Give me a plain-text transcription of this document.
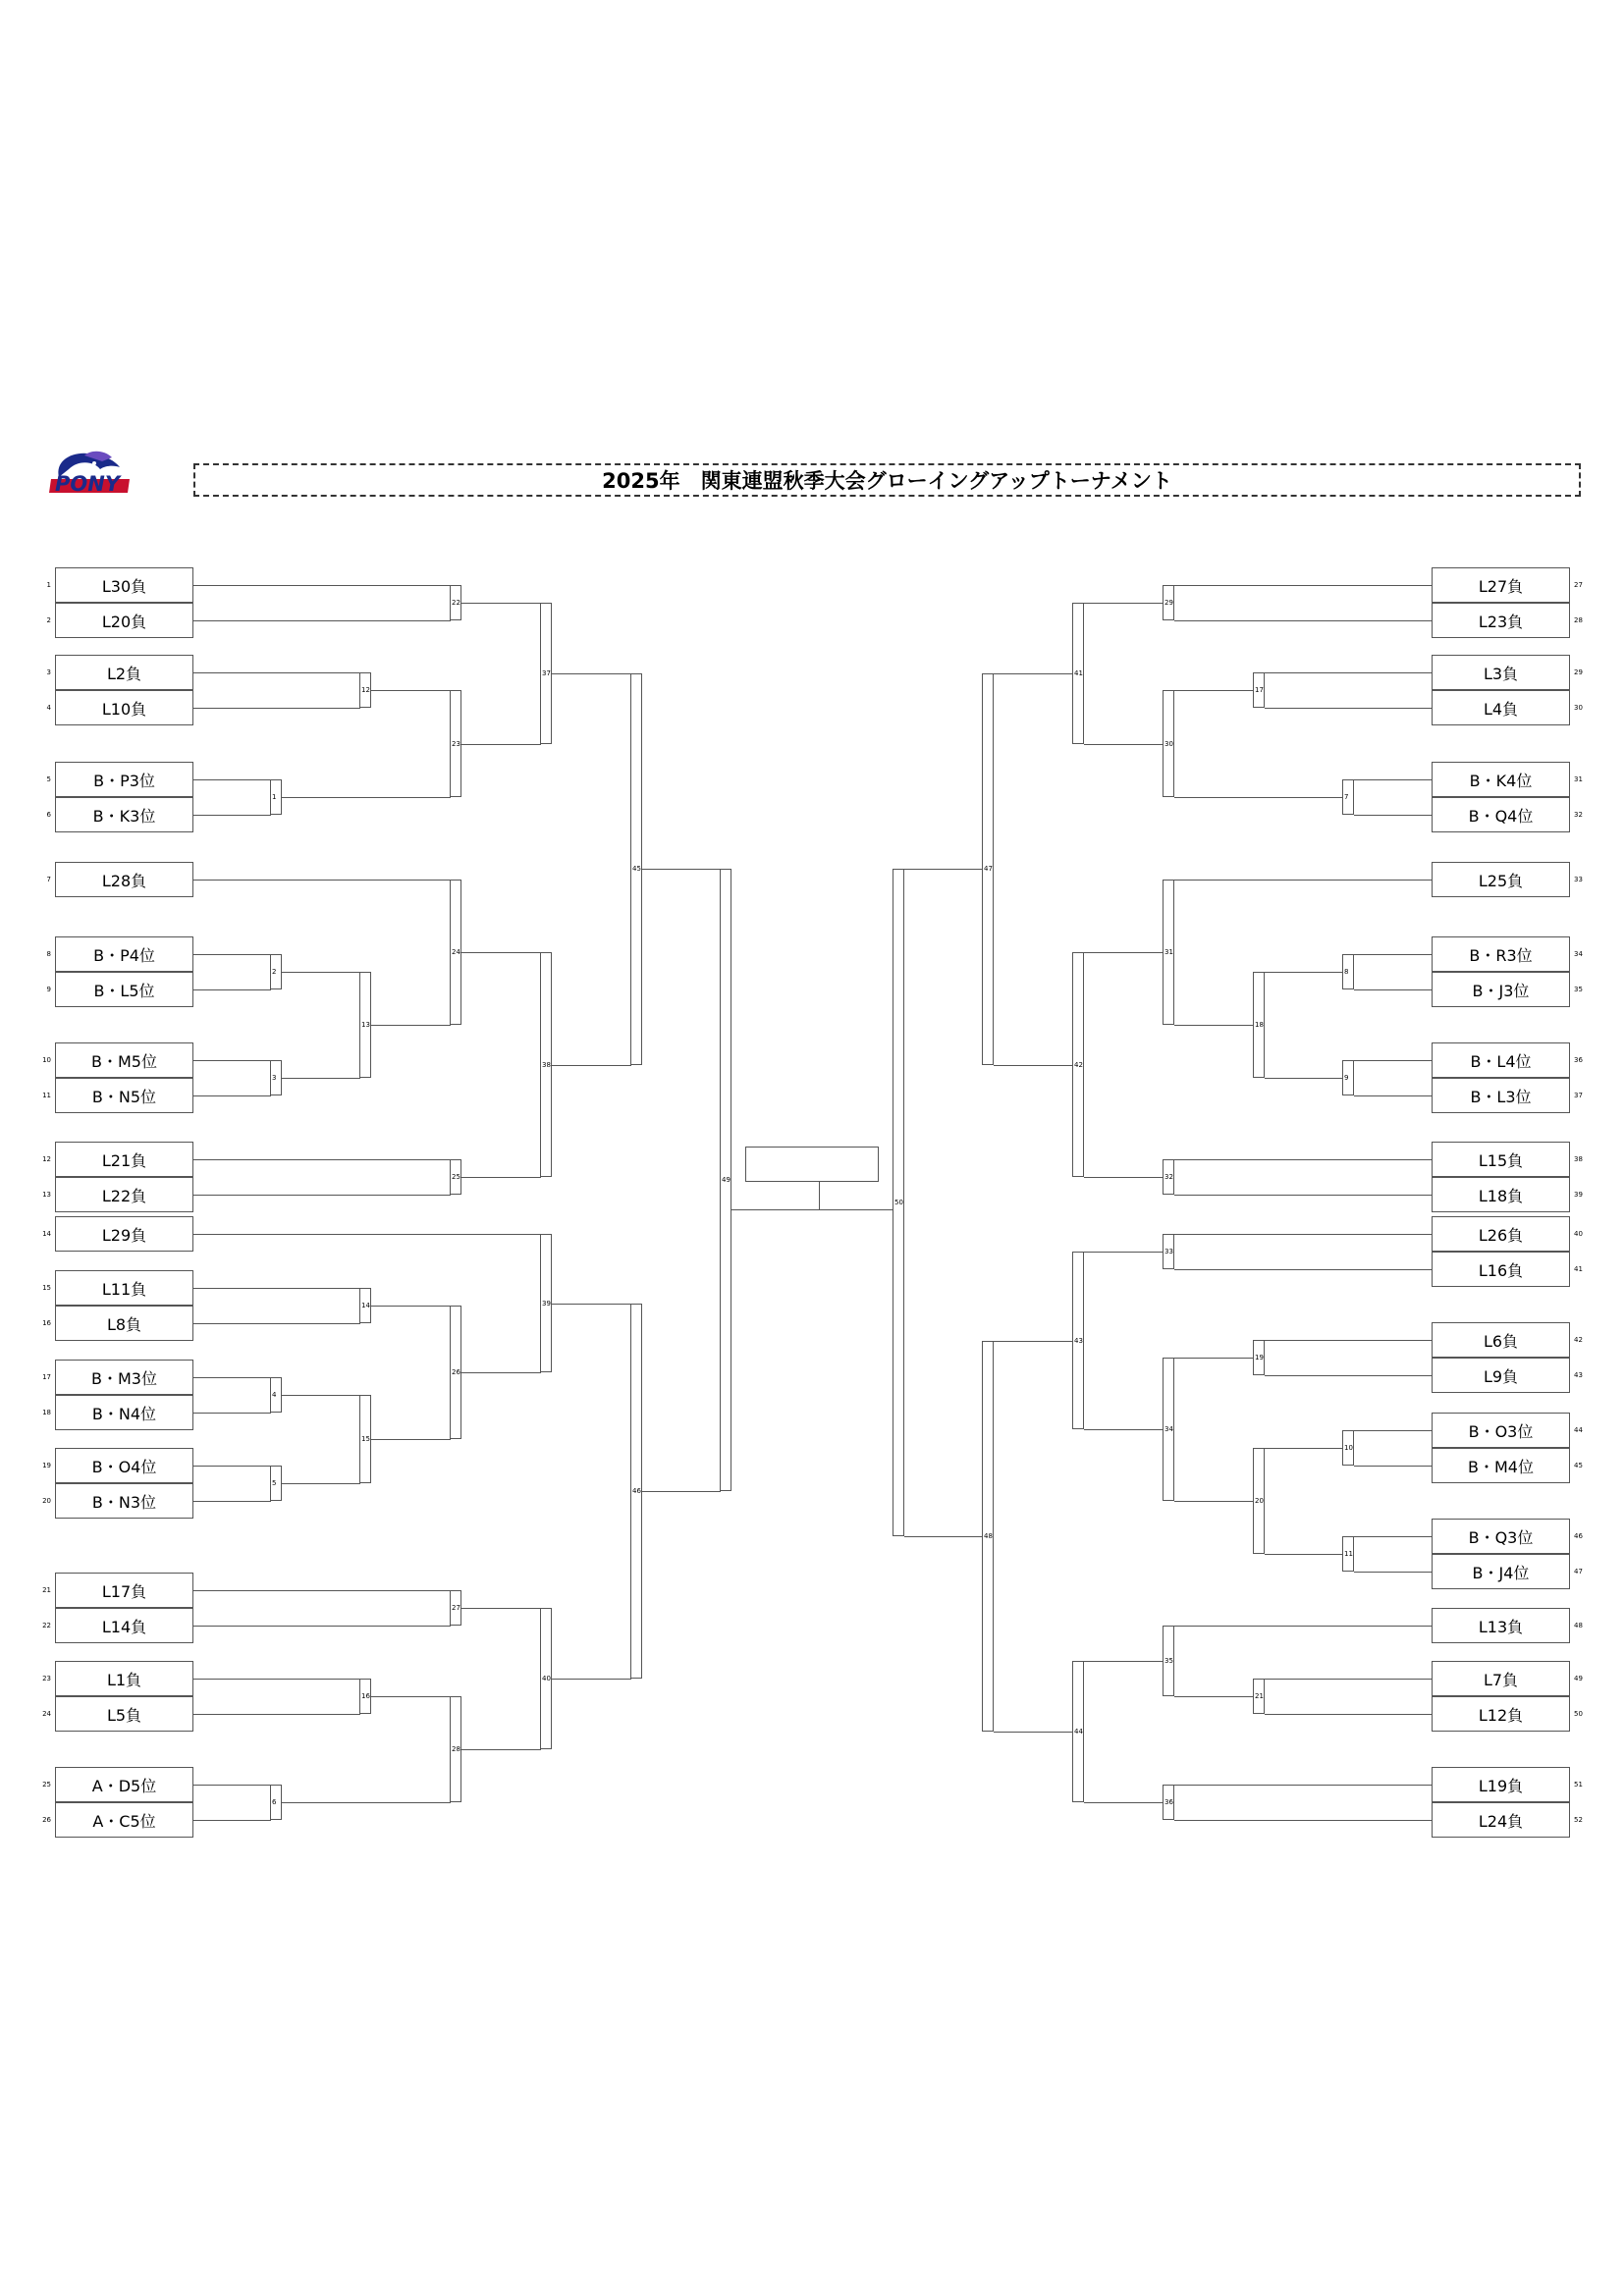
PONY	2025年　関東連盟秋季大会グローイングアップトーナメント
L30負
1
L20負
2
L2負
3
L10負
4
B・P3位
5
B・K3位
6
L28負
7
B・P4位
8
B・L5位
9
B・M5位
10
B・N5位
11
L21負
12
L22負
13
L29負
14
L11負
15
L8負
16
B・M3位
17
B・N4位
18
B・O4位
19
B・N3位
20
L17負
21
L14負
22
L1負
23
L5負
24
A・D5位
25
A・C5位
26
L27負	27
L23負	28
L3負	29
L4負	30
B・K4位	31
B・Q4位	32
L25負	33
B・R3位	34
B・J3位	35
B・L4位	36
B・L3位	37
L15負	38
L18負	39
L26負	40
L16負	41
L6負	42
L9負	43
B・O3位	44
B・M4位	45
B・Q3位	46
B・J4位	47
L13負	48
L7負	49
L12負	50
L19負	51
L24負	52
1
2
3
4
5
6
12
13
14
15
16
22
23
24
25
26
27
28
37
38
39
40
45
46
49
7
8
9
10
11
17
18
19
20
21
29
30
31
32
33
34
35
36
41
42
43
44
47
48
50
